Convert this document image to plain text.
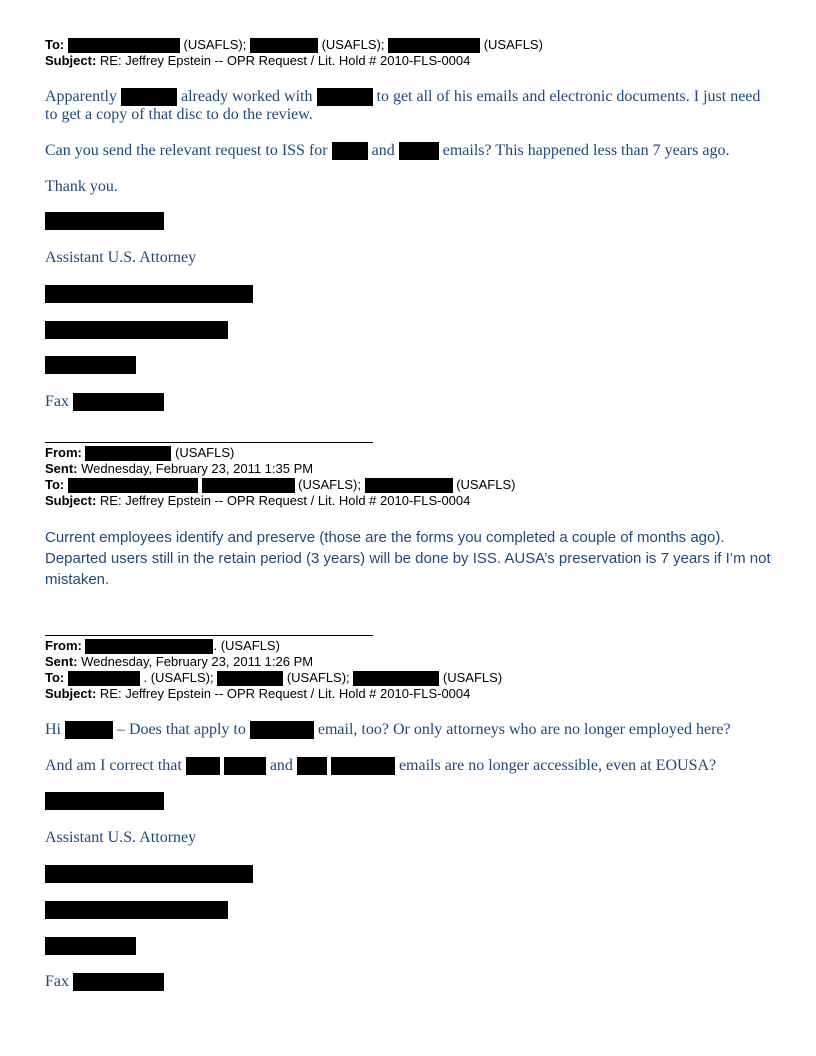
To:	(USAFLS);	(USAFLS);	(USAFLS)
Subject: RE: Jeffrey Epstein -- OPR Request / Lit. Hold # 2010-FLS-0004
Apparently	already worked with	to get all of his emails and electronic documents. I just need
to get a copy of that disc to do the review.
Can you send the relevant request to ISS for	and	emails? This happened less than 7 years ago.
Thank you.
Assistant U.S. Attorney
Fax
From:	(USAFLS)
Sent: Wednesday, February 23, 2011 1:35 PM
To:	(USAFLS);	(USAFLS)
Subject: RE: Jeffrey Epstein -- OPR Request / Lit. Hold # 2010-FLS-0004
Current employees identify and preserve (those are the forms you completed a couple of months ago).
Departed users still in the retain period (3 years) will be done by ISS. AUSA’s preservation is 7 years if I’m not
mistaken.
From:	. (USAFLS)
Sent: Wednesday, February 23, 2011 1:26 PM
To:	. (USAFLS);	(USAFLS);	(USAFLS)
Subject: RE: Jeffrey Epstein -- OPR Request / Lit. Hold # 2010-FLS-0004
Hi	– Does that apply to	email, too? Or only attorneys who are no longer employed here?
And am I correct that	and	emails are no longer accessible, even at EOUSA?
Assistant U.S. Attorney
Fax
